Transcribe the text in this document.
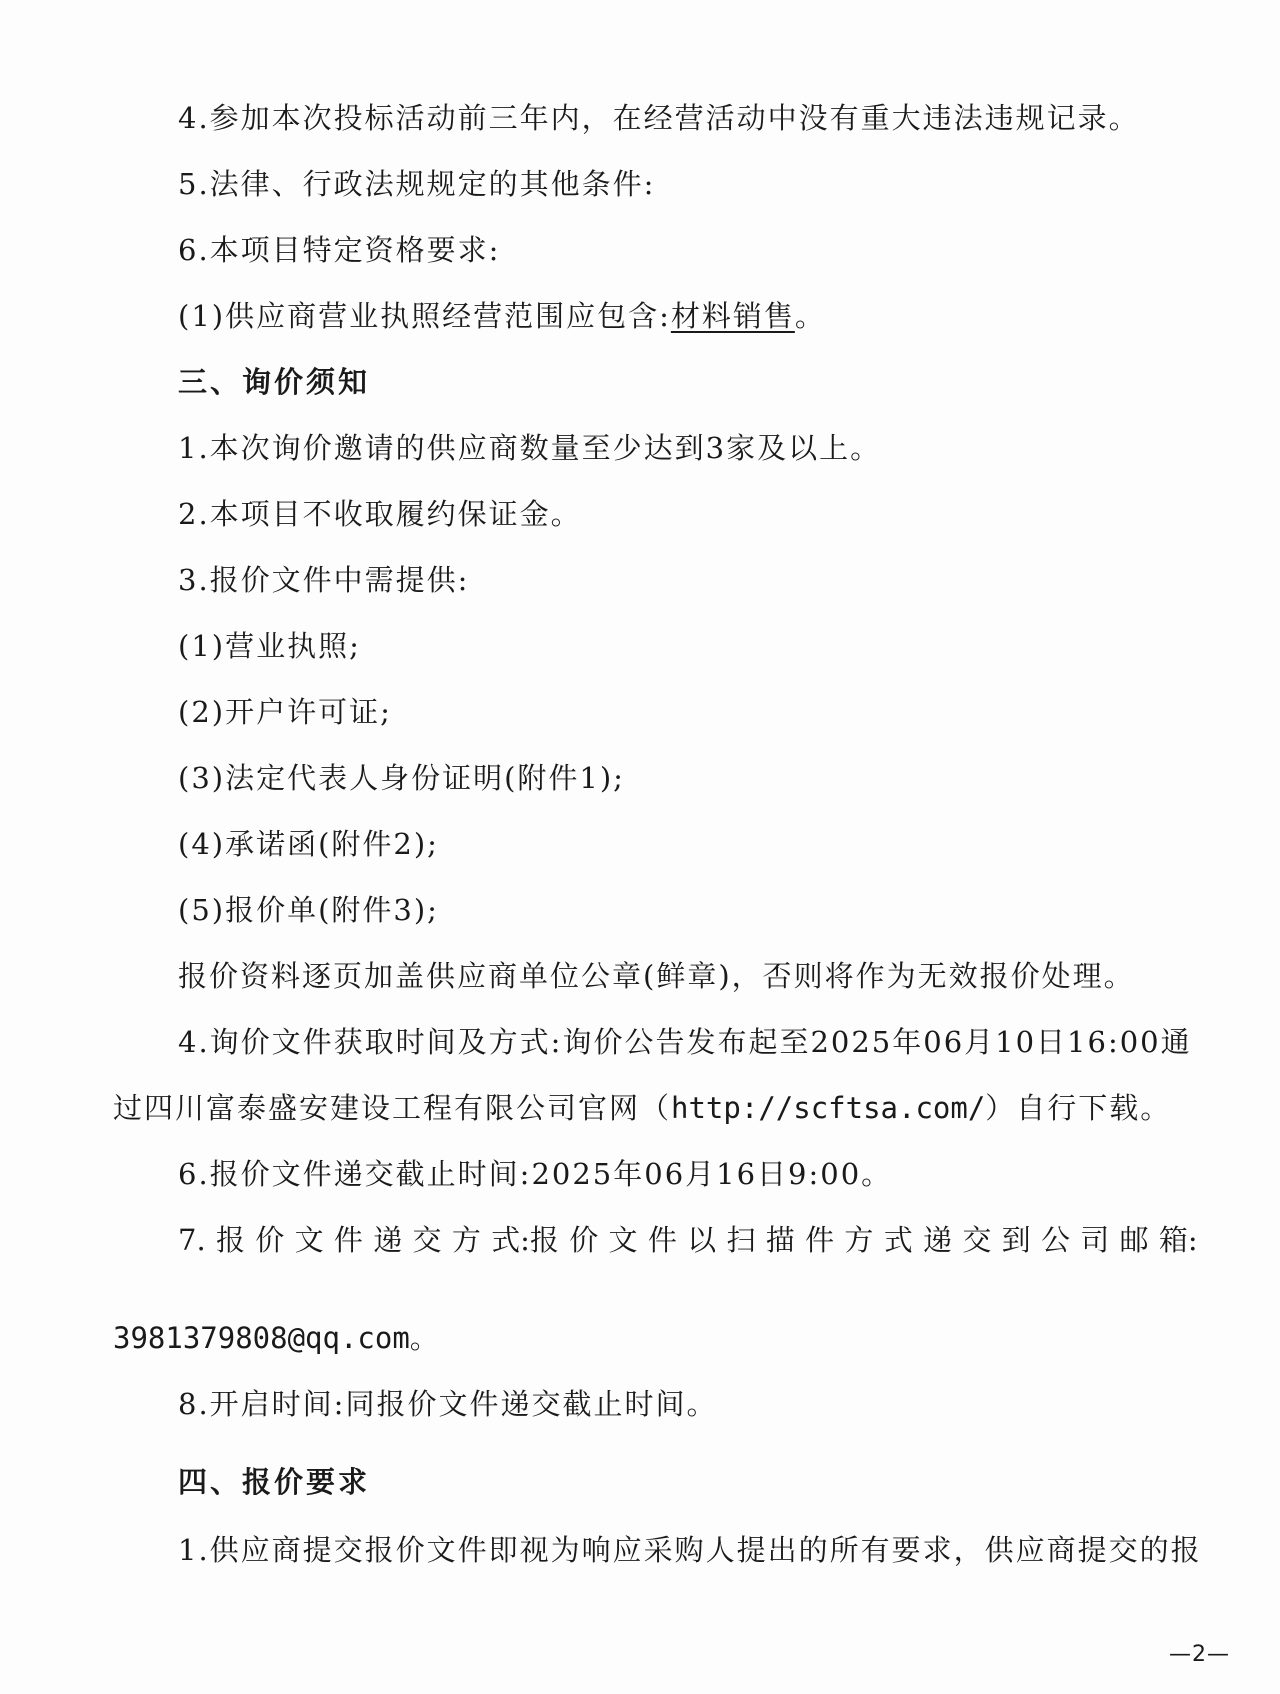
4.参加本次投标活动前三年内，在经营活动中没有重大违法违规记录。
5.法律、行政法规规定的其他条件:
6.本项目特定资格要求:
(1)供应商营业执照经营范围应包含:材料销售。
三、询价须知
1.本次询价邀请的供应商数量至少达到3家及以上。
2.本项目不收取履约保证金。
3.报价文件中需提供:
(1)营业执照;
(2)开户许可证;
(3)法定代表人身份证明(附件1);
(4)承诺函(附件2);
(5)报价单(附件3);
报价资料逐页加盖供应商单位公章(鲜章)，否则将作为无效报价处理。
4.询价文件获取时间及方式:询价公告发布起至2025年06月10日16:00通
过四川富泰盛安建设工程有限公司官网（http://scftsa.com/）自行下载。
6.报价文件递交截止时间:2025年06月16日9:00。
7. 报 价 文 件 递 交 方 式:报 价 文 件 以 扫 描 件 方 式 递 交 到 公 司 邮 箱:
3981379808@qq.com。
8.开启时间:同报价文件递交截止时间。
四、报价要求
1.供应商提交报价文件即视为响应采购人提出的所有要求，供应商提交的报
—2—
